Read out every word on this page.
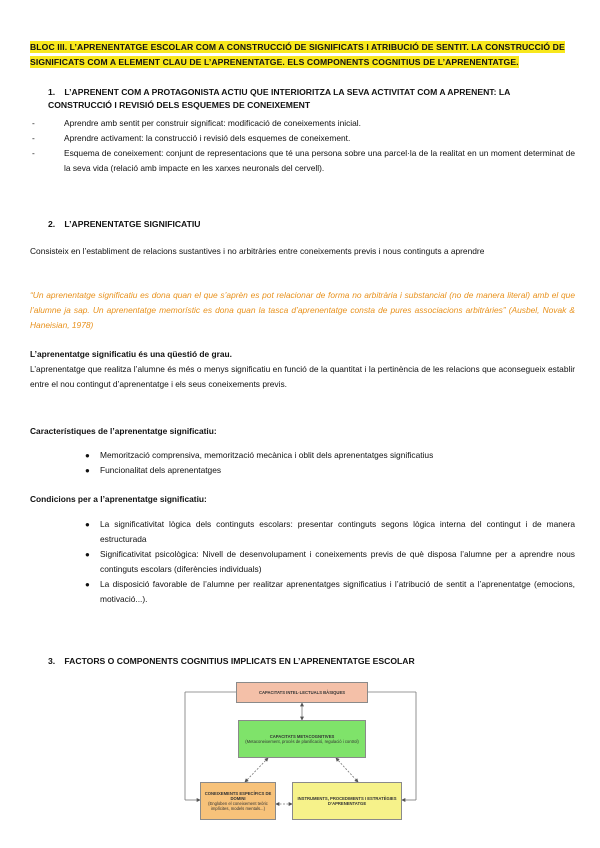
BLOC III. L’APRENENTATGE ESCOLAR COM A CONSTRUCCIÓ DE SIGNIFICATS I ATRIBUCIÓ DE SENTIT. LA CONSTRUCCIÓ DE SIGNIFICATS COM A ELEMENT CLAU DE L’APRENENTATGE. ELS COMPONENTS COGNITIUS DE L’APRENENTATGE.
1. L’APRENENT COM A PROTAGONISTA ACTIU QUE INTERIORITZA LA SEVA ACTIVITAT COM A APRENENT: LA CONSTRUCCIÓ I REVISIÓ DELS ESQUEMES DE CONEIXEMENT
-	Aprendre amb sentit per construir significat: modificació de coneixements inicial.
-	Aprendre activament: la construcció i revisió dels esquemes de coneixement.
-	Esquema de coneixement: conjunt de representacions que té una persona sobre una parcel·la de la realitat en un moment determinat de la seva vida (relació amb impacte en les xarxes neuronals del cervell).
2. L’APRENENTATGE SIGNIFICATIU
Consisteix en l’establiment de relacions sustantives i no arbitràries entre coneixements previs i nous continguts a aprendre
“Un aprenentatge significatiu es dona quan el que s’aprèn es pot relacionar de forma no arbitrària i substancial (no de manera literal) amb el que l’alumne ja sap. Un aprenentatge memorístic es dona quan la tasca d’aprenentatge consta de pures associacions arbitràries” (Ausbel, Novak & Haneisian, 1978)
L’aprenentatge significatiu és una qüestió de grau.
L’aprenentatge que realitza l’alumne és més o menys significatiu en funció de la quantitat i la pertinència de les relacions que aconsegueix establir entre el nou contingut d’aprenentatge i els seus coneixements previs.
Característiques de l’aprenentatge significatiu:
● Memorització comprensiva, memorització mecànica i oblit dels aprenentatges significatius
● Funcionalitat dels aprenentatges
Condicions per a l’aprenentatge significatiu:
● La significativitat lògica dels continguts escolars: presentar continguts segons lògica interna del contingut i de manera estructurada
● Significativitat psicològica: Nivell de desenvolupament i coneixements previs de què disposa l’alumne per a aprendre nous continguts escolars (diferències individuals)
● La disposició favorable de l’alumne per realitzar aprenentatges significatius i l’atribució de sentit a l’aprenentatge (emocions, motivació...).
3. FACTORS O COMPONENTS COGNITIUS IMPLICATS EN L’APRENENTATGE ESCOLAR
CAPACITATS INTEL·LECTUALS BÀSIQUES
CAPACITATS METACOGNITIVES
(Metaconeixement, procés de planificació, regulació i control)
CONEIXEMENTS ESPECÍFICS DE DOMINI
(Engloben el coneixement teòric implícites, models mentals...)
INSTRUMENTS, PROCEDIMENTS I ESTRATÈGIES D’APRENENTATGE
